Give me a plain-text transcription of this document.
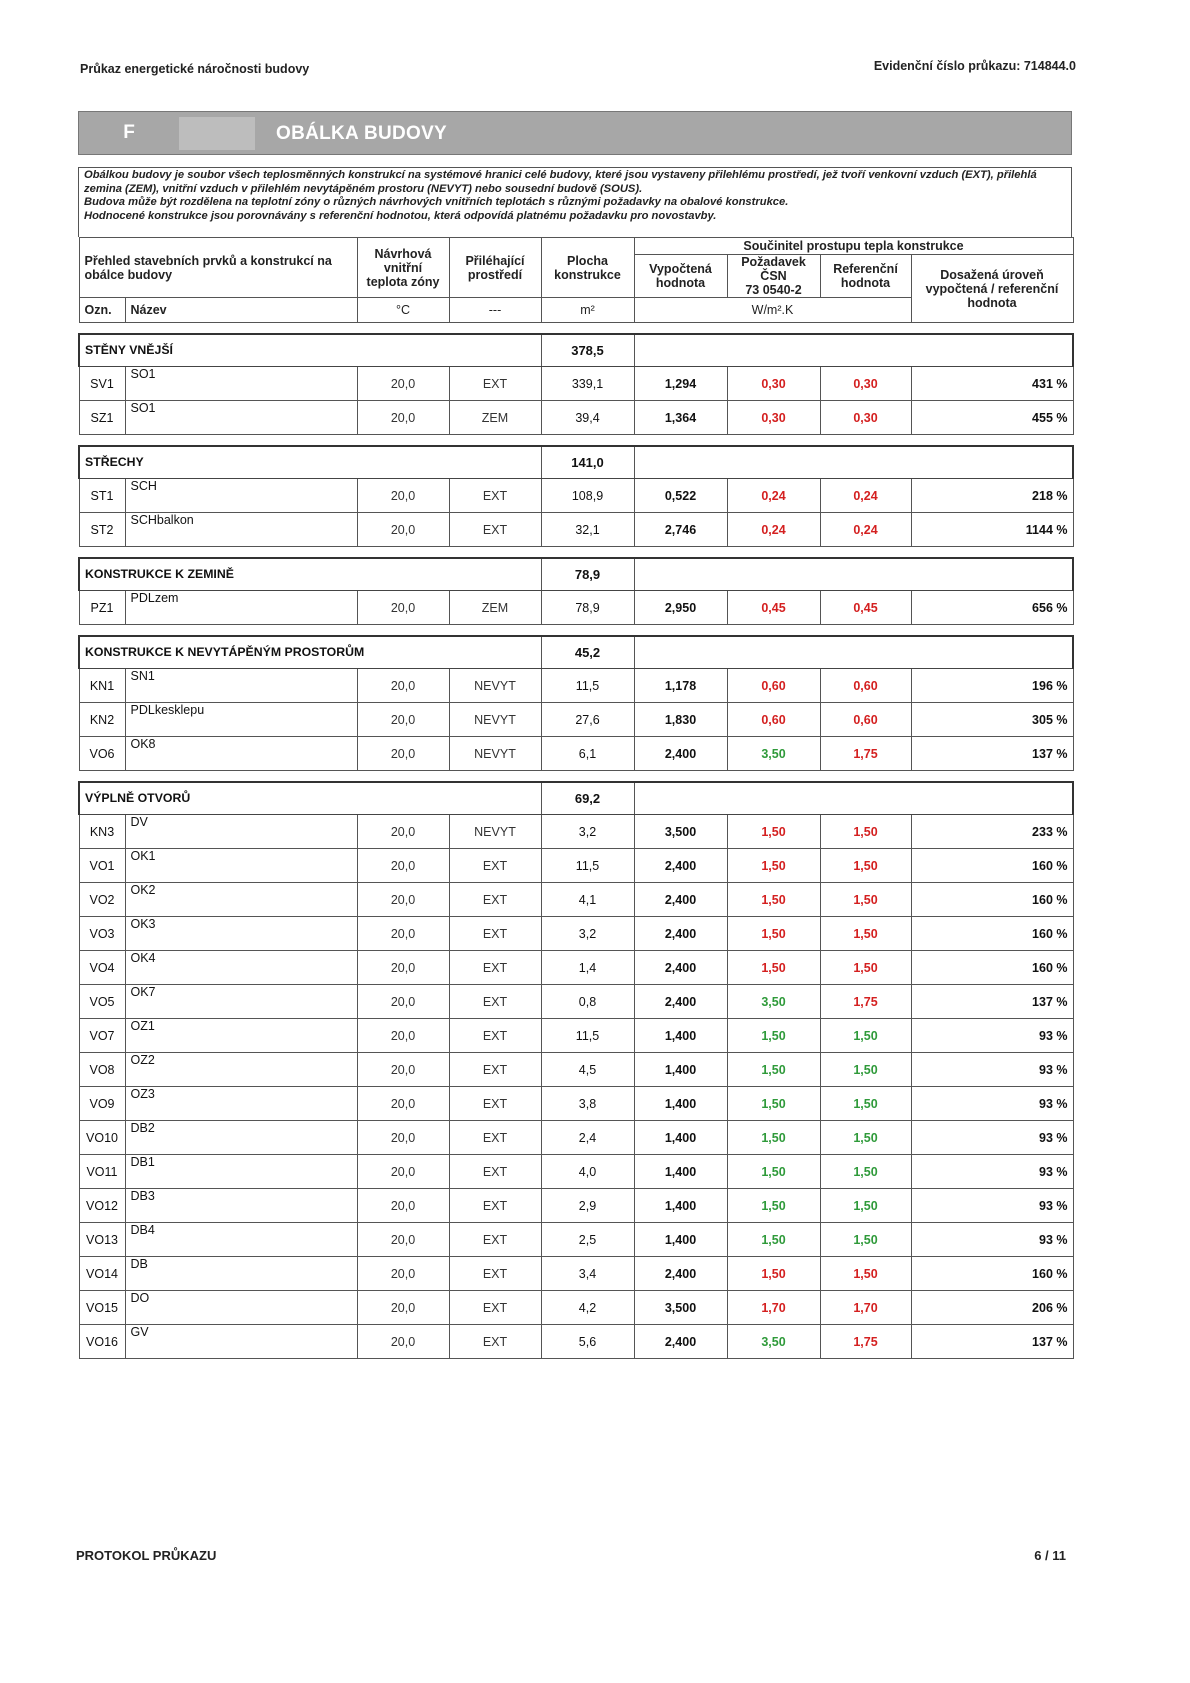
Průkaz energetické náročnosti budovy	Evidenční číslo průkazu: 714844.0
F	OBÁLKA BUDOVY

Obálkou budovy je soubor všech teplosměnných konstrukcí na systémové hranici celé budovy, které jsou vystaveny přilehlému prostředí, jež tvoří venkovní vzduch (EXT), přilehlá zemina (ZEM), vnitřní vzduch v přilehlém nevytápěném prostoru (NEVYT) nebo sousední budově (SOUS).

Budova může být rozdělena na teplotní zóny o různých návrhových vnitřních teplotách s různými požadavky na obalové konstrukce.

Hodnocené konstrukce jsou porovnávány s referenční hodnotou, která odpovídá platnému požadavku pro novostavby.

Přehled stavebních prvků a konstrukcí na obálce budovy		Návrhová vnitřní teplota zóny	Přiléhající prostředí	Plocha konstrukce	Součinitel prostupu tepla konstrukce			
					Vypočtená hodnota	Požadavek
ČSN
73 0540-2	Referenční hodnota	Dosažená úroveň vypočtená / referenční hodnota
Ozn.	Název	°C	---	m²	W/m².K			

STĚNY VNĚJŠÍ				378,5				
SV1	SO1	20,0	EXT	339,1	1,294	0,30	0,30	431 %
SZ1	SO1	20,0	ZEM	39,4	1,364	0,30	0,30	455 %

STŘECHY				141,0				
ST1	SCH	20,0	EXT	108,9	0,522	0,24	0,24	218 %
ST2	SCHbalkon	20,0	EXT	32,1	2,746	0,24	0,24	1144 %

KONSTRUKCE K ZEMINĚ				78,9				
PZ1	PDLzem	20,0	ZEM	78,9	2,950	0,45	0,45	656 %

KONSTRUKCE K NEVYTÁPĚNÝM PROSTORŮM				45,2				
KN1	SN1	20,0	NEVYT	11,5	1,178	0,60	0,60	196 %
KN2	PDLkesklepu	20,0	NEVYT	27,6	1,830	0,60	0,60	305 %
VO6	OK8	20,0	NEVYT	6,1	2,400	3,50	1,75	137 %

VÝPLNĚ OTVORŮ				69,2				
KN3	DV	20,0	NEVYT	3,2	3,500	1,50	1,50	233 %
VO1	OK1	20,0	EXT	11,5	2,400	1,50	1,50	160 %
VO2	OK2	20,0	EXT	4,1	2,400	1,50	1,50	160 %
VO3	OK3	20,0	EXT	3,2	2,400	1,50	1,50	160 %
VO4	OK4	20,0	EXT	1,4	2,400	1,50	1,50	160 %
VO5	OK7	20,0	EXT	0,8	2,400	3,50	1,75	137 %
VO7	OZ1	20,0	EXT	11,5	1,400	1,50	1,50	93 %
VO8	OZ2	20,0	EXT	4,5	1,400	1,50	1,50	93 %
VO9	OZ3	20,0	EXT	3,8	1,400	1,50	1,50	93 %
VO10	DB2	20,0	EXT	2,4	1,400	1,50	1,50	93 %
VO11	DB1	20,0	EXT	4,0	1,400	1,50	1,50	93 %
VO12	DB3	20,0	EXT	2,9	1,400	1,50	1,50	93 %
VO13	DB4	20,0	EXT	2,5	1,400	1,50	1,50	93 %
VO14	DB	20,0	EXT	3,4	2,400	1,50	1,50	160 %
VO15	DO	20,0	EXT	4,2	3,500	1,70	1,70	206 %
VO16	GV	20,0	EXT	5,6	2,400	3,50	1,75	137 %
PROTOKOL PRŮKAZU	6 / 11
